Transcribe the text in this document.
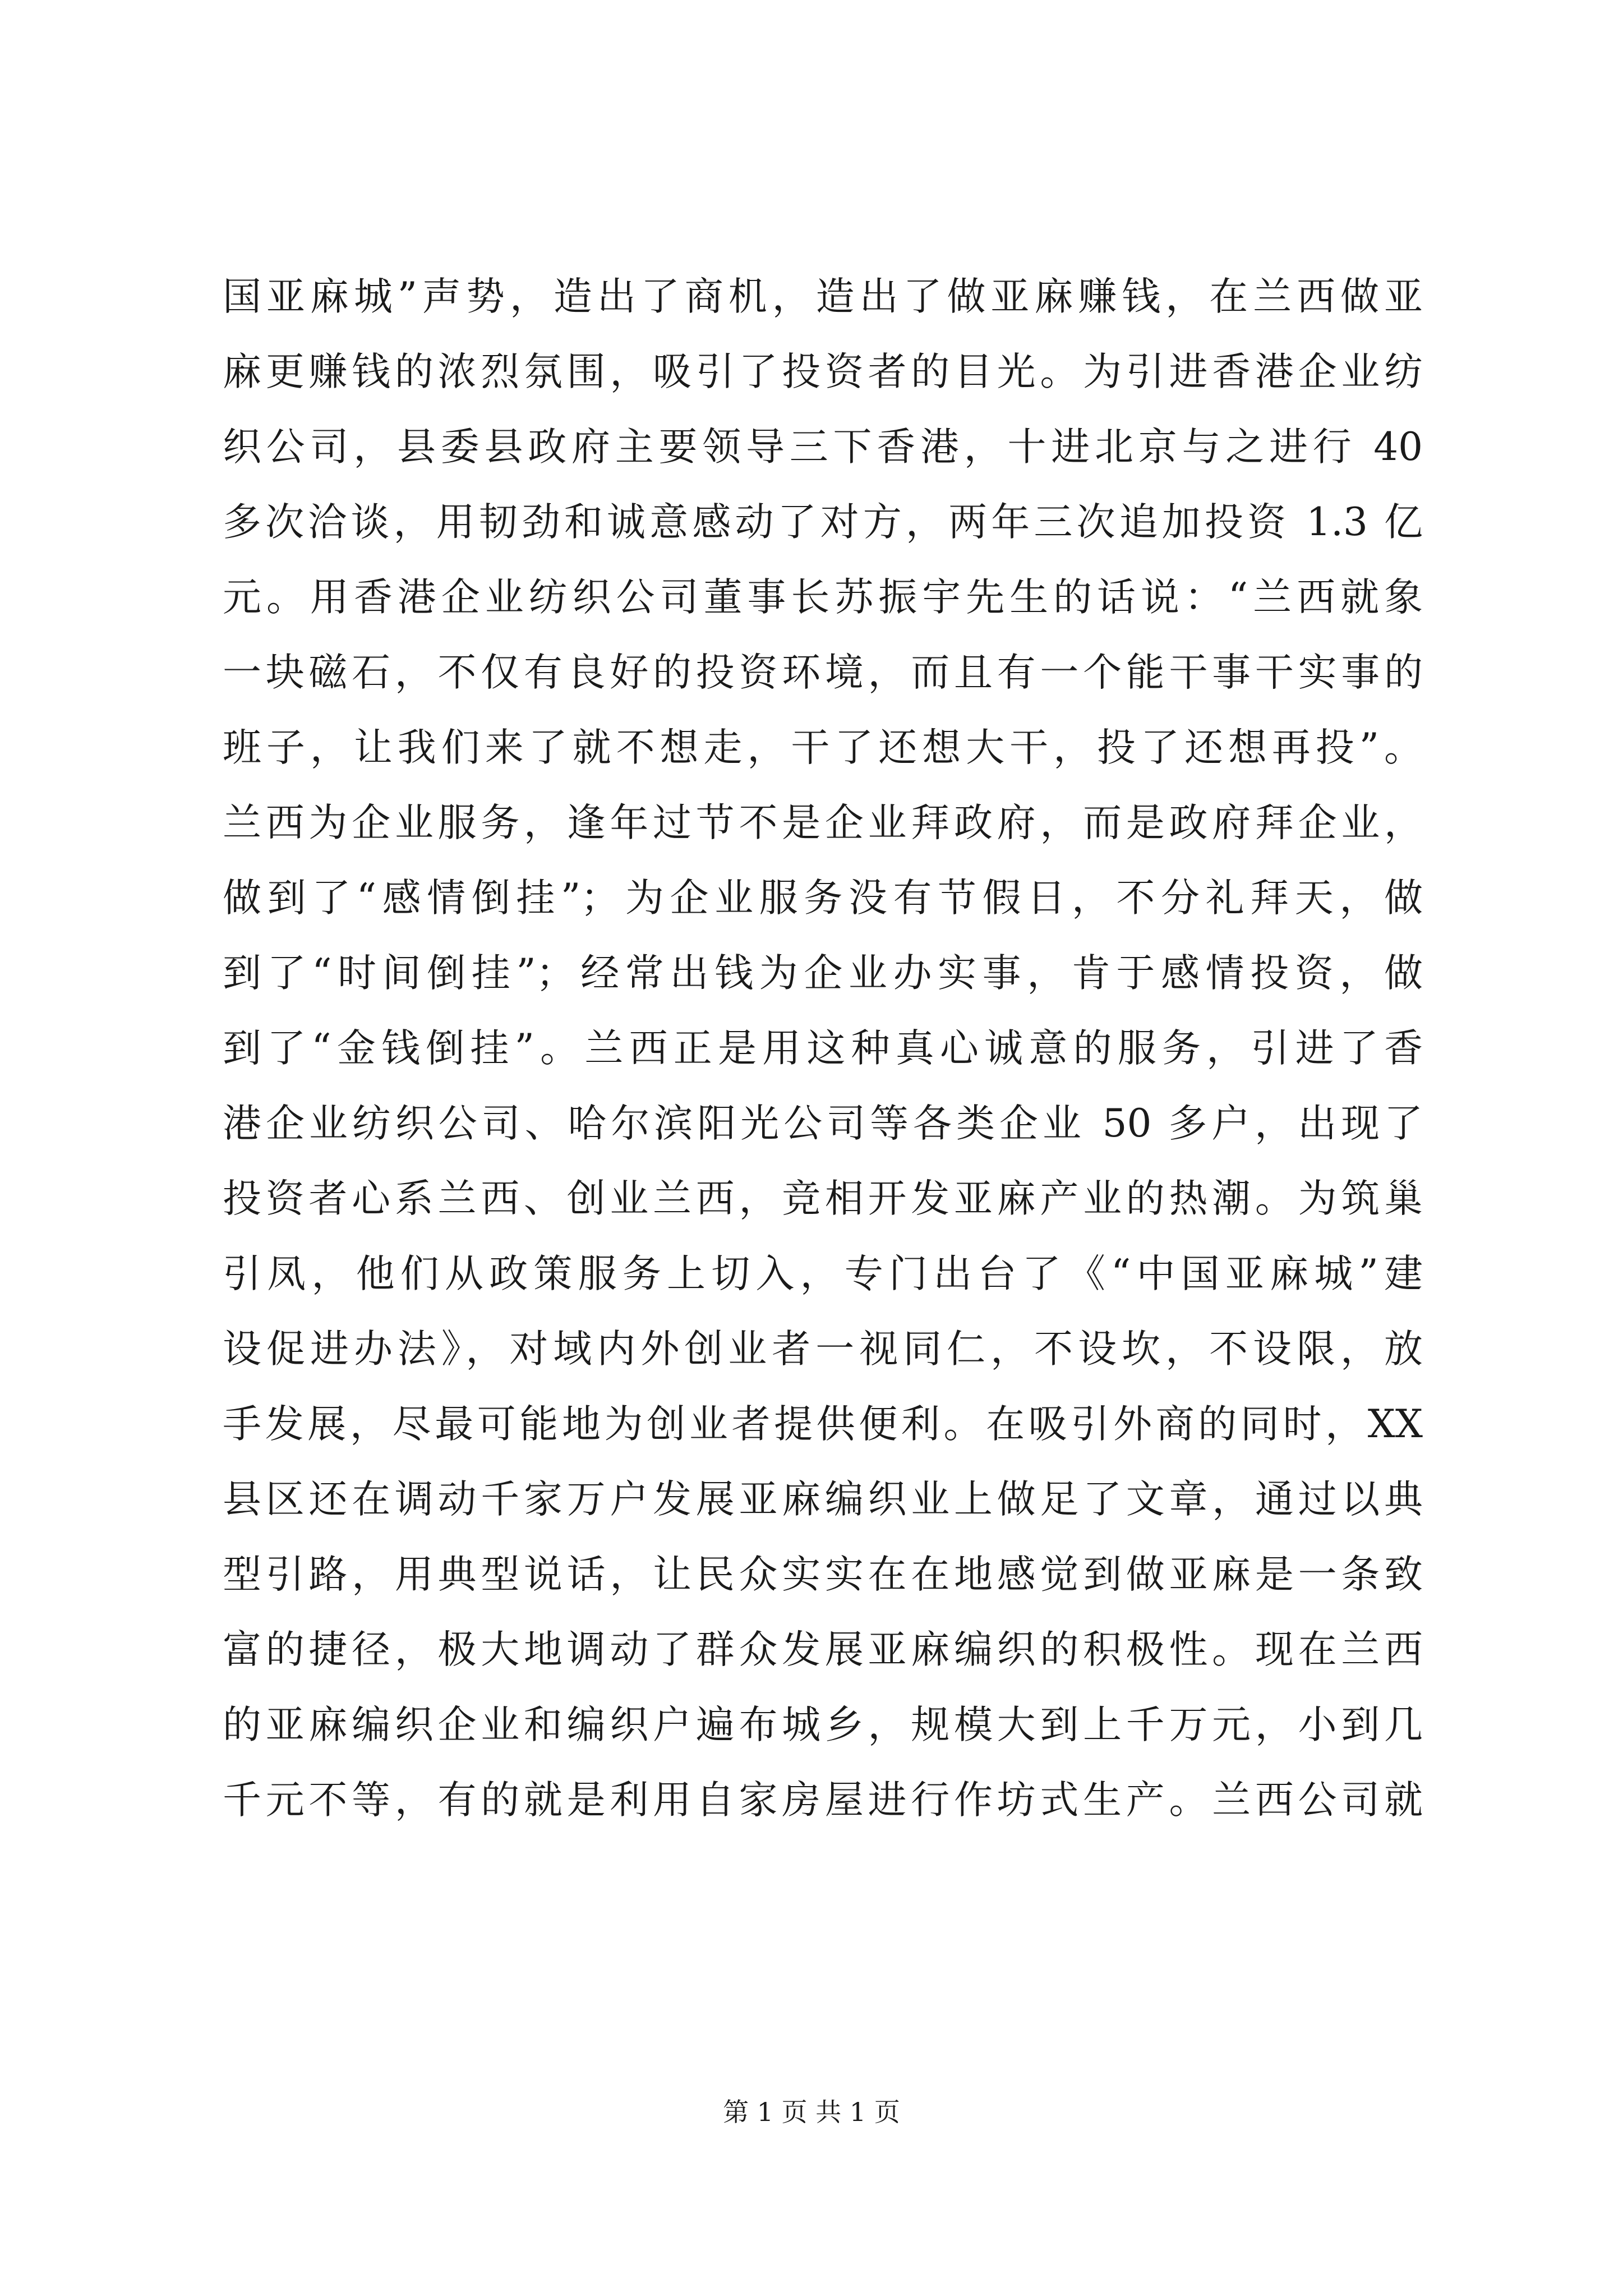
国亚麻城”声势，造出了商机，造出了做亚麻赚钱，在兰西做亚
麻更赚钱的浓烈氛围，吸引了投资者的目光。为引进香港企业纺
织公司，县委县政府主要领导三下香港，十进北京与之进行 40
多次洽谈，用韧劲和诚意感动了对方，两年三次追加投资 1.3 亿
元。用香港企业纺织公司董事长苏振宇先生的话说：“兰西就象
一块磁石，不仅有良好的投资环境，而且有一个能干事干实事的
班子，让我们来了就不想走，干了还想大干，投了还想再投”。
兰西为企业服务，逢年过节不是企业拜政府，而是政府拜企业，
做到了“感情倒挂”；为企业服务没有节假日，不分礼拜天，做
到了“时间倒挂”；经常出钱为企业办实事，肯于感情投资，做
到了“金钱倒挂”。兰西正是用这种真心诚意的服务，引进了香
港企业纺织公司、哈尔滨阳光公司等各类企业 50 多户，出现了
投资者心系兰西、创业兰西，竞相开发亚麻产业的热潮。为筑巢
引凤，他们从政策服务上切入，专门出台了《“中国亚麻城”建
设促进办法》，对域内外创业者一视同仁，不设坎，不设限，放
手发展，尽最可能地为创业者提供便利。在吸引外商的同时，XX
县区还在调动千家万户发展亚麻编织业上做足了文章，通过以典
型引路，用典型说话，让民众实实在在地感觉到做亚麻是一条致
富的捷径，极大地调动了群众发展亚麻编织的积极性。现在兰西
的亚麻编织企业和编织户遍布城乡，规模大到上千万元，小到几
千元不等，有的就是利用自家房屋进行作坊式生产。兰西公司就
第 1 页 共 1 页
